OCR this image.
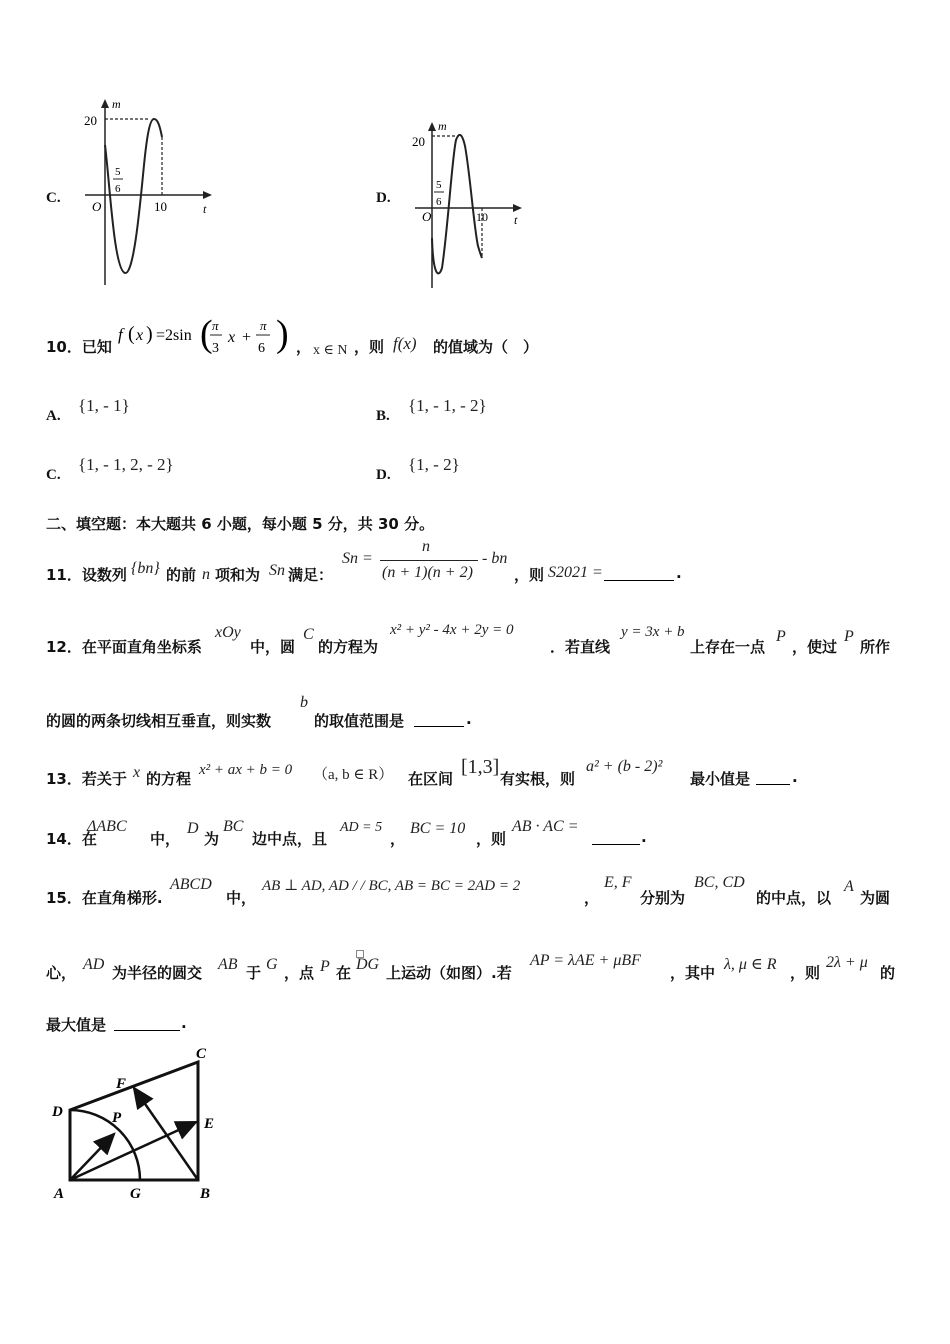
C.
m
t
20
O
5
6
10
D.
m
t
20
O
5
6
10
10．已知
f ( x ) =2sin ( π
3
x +
π
6 )
f(x) = 2sin(π/3 x + π/6)
， x ∈ N ，则 f(x) 的值域为（　）
A.
{1, - 1}
B.
{1, - 1, - 2}
C.
{1, - 1, 2, - 2}
D.
{1, - 2}
二、填空题：本大题共 6 小题，每小题 5 分，共 30 分。
11．设数列 {bn} 的前 n 项和为 Sn 满足：
Sn =
n
(n + 1)(n + 2)
- bn
，则 S2021 =	.
12．在平面直角坐标系
xOy
中，圆
C
的方程为
x² + y² - 4x + 2y = 0
．若直线
y = 3x + b
上存在一点
P
，使过
P
所作
的圆的两条切线相互垂直，则实数
b
的取值范围是	.
13．若关于 x 的方程 x² + ax + b = 0 （a, b ∈ R） 在区间
[1,3]
有实根，则
a² + (b - 2)²
最小值是	.
14．在
ΔABC
中，
D
为
BC
边中点，且
AD = 5
，
BC = 10
，则
AB · AC =
.
15．在直角梯形.
ABCD
中，
AB ⊥ AD, AD / / BC, AB = BC = 2AD = 2
，
E, F
分别为
BC, CD
的中点，以
A
为圆
心， AD 为半径的圆交 AB 于 G ，点 P 在 DG 上运动（如图）.若
AP = λAE + μBF
，其中 λ, μ ∈ R ，则
2λ + μ
的
最大值是	.
A	B
C
D
E
F
G
P
